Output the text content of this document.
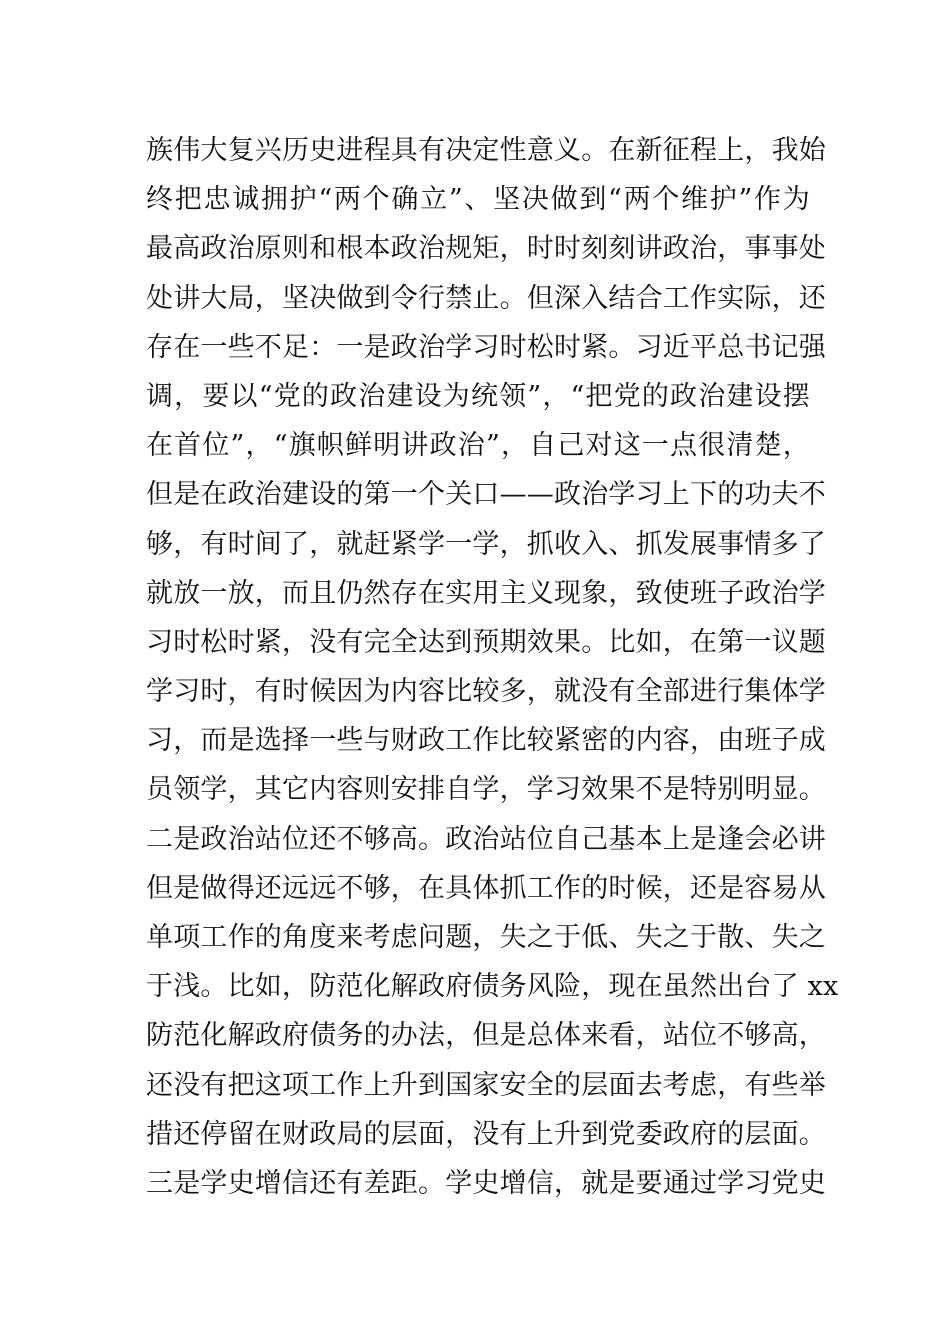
族伟大复兴历史进程具有决定性意义。在新征程上，我始
终把忠诚拥护“两个确立”、坚决做到“两个维护”作为
最高政治原则和根本政治规矩，时时刻刻讲政治，事事处
处讲大局，坚决做到令行禁止。但深入结合工作实际，还
存在一些不足：一是政治学习时松时紧。习近平总书记强
调，要以“党的政治建设为统领”，“把党的政治建设摆
在首位”，“旗帜鲜明讲政治”，自己对这一点很清楚，
但是在政治建设的第一个关口——政治学习上下的功夫不
够，有时间了，就赶紧学一学，抓收入、抓发展事情多了
就放一放，而且仍然存在实用主义现象，致使班子政治学
习时松时紧，没有完全达到预期效果。比如，在第一议题
学习时，有时候因为内容比较多，就没有全部进行集体学
习，而是选择一些与财政工作比较紧密的内容，由班子成
员领学，其它内容则安排自学，学习效果不是特别明显。
二是政治站位还不够高。政治站位自己基本上是逢会必讲
但是做得还远远不够，在具体抓工作的时候，还是容易从
单项工作的角度来考虑问题，失之于低、失之于散、失之
于浅。比如，防范化解政府债务风险，现在虽然出台了 xx
防范化解政府债务的办法，但是总体来看，站位不够高，
还没有把这项工作上升到国家安全的层面去考虑，有些举
措还停留在财政局的层面，没有上升到党委政府的层面。
三是学史增信还有差距。学史增信，就是要通过学习党史
